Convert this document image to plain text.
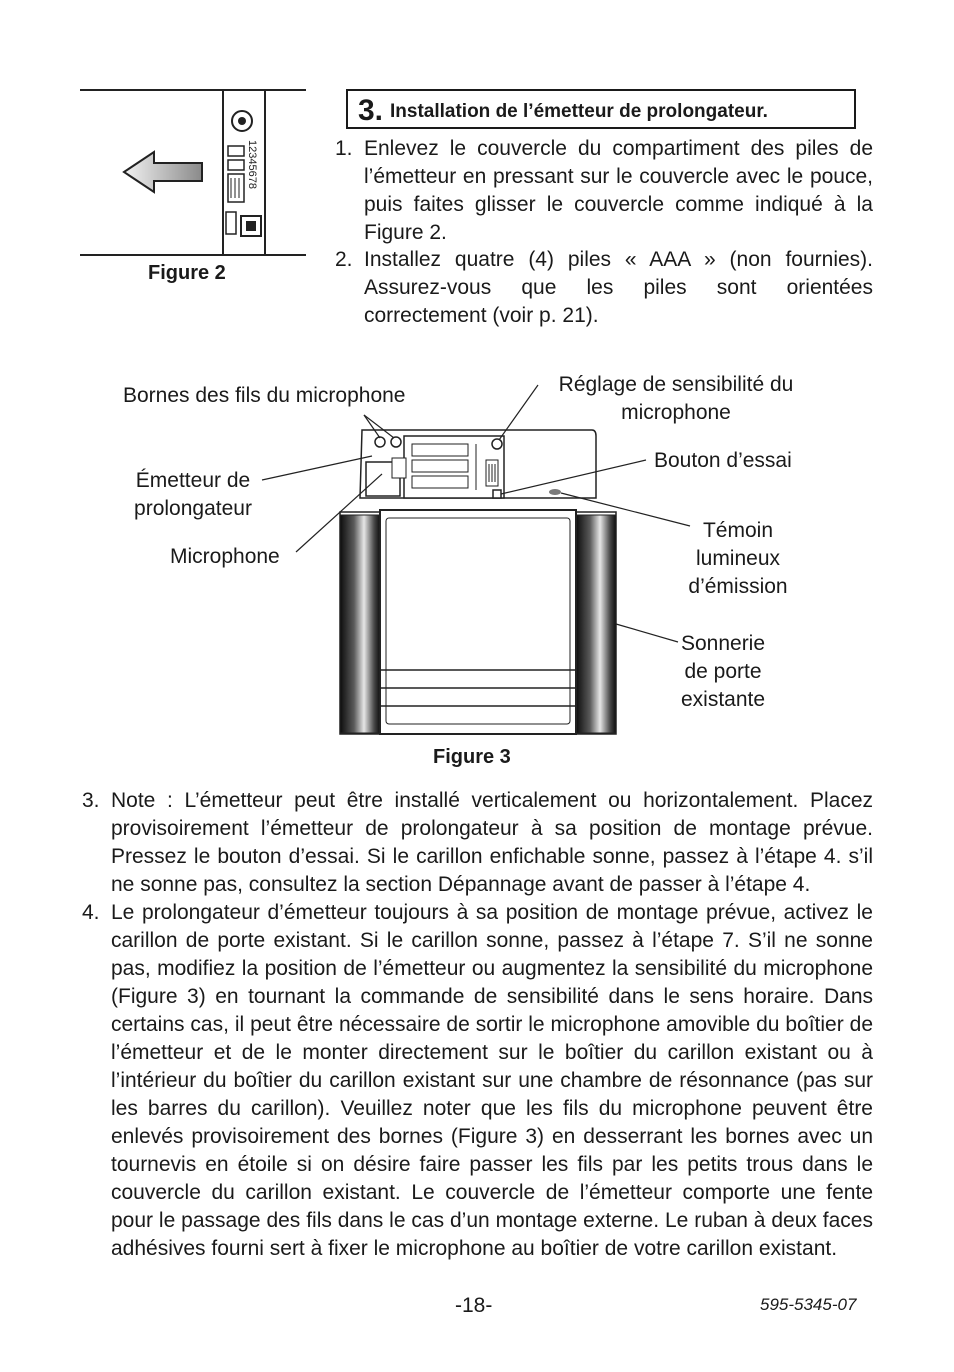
12345678
Figure 2
3. Installation de l’émetteur de prolongateur.
1. Enlevez le couvercle du compartiment des piles de l’émetteur en pressant sur le couvercle avec le pouce, puis faites glisser le couvercle comme indiqué à la Figure 2.
2. Installez quatre (4) piles « AAA » (non fournies). Assurez-vous que les piles sont orientées correctement (voir p. 21).
Bornes des fils du microphone	Réglage de sensibilité du
microphone
Bouton d’essai
Émetteur de
prolongateur
Microphone
Témoin
lumineux
d’émission
Sonnerie
de porte
existante
Figure 3
3. Note : L’émetteur peut être installé verticalement ou horizontalement. Placez provisoirement l’émetteur de prolongateur à sa position de montage prévue. Pressez le bouton d’essai. Si le carillon enfichable sonne, passez à l’étape 4. s’il ne sonne pas, consultez la section Dépannage avant de passer à l’étape 4.
4. Le prolongateur d’émetteur toujours à sa position de montage prévue, activez le carillon de porte existant. Si le carillon sonne, passez à l’étape 7. S’il ne sonne pas, modifiez la position de l’émetteur ou augmentez la sensibilité du microphone (Figure 3) en tournant la commande de sensibilité dans le sens horaire. Dans certains cas, il peut être nécessaire de sortir le microphone amovible du boîtier de l’émetteur et de le monter directement sur le boîtier du carillon existant ou à l’intérieur du boîtier du carillon existant sur une chambre de résonnance (pas sur les barres du carillon). Veuillez noter que les fils du microphone peuvent être enlevés provisoirement des bornes (Figure 3) en desserrant les bornes avec un tournevis en étoile si on désire faire passer les fils par les petits trous dans le couvercle du carillon existant. Le couvercle de l’émetteur comporte une fente pour le passage des fils dans le cas d’un montage externe. Le ruban à deux faces adhésives fourni sert à fixer le microphone au boîtier de votre carillon existant.
-18-	595-5345-07
